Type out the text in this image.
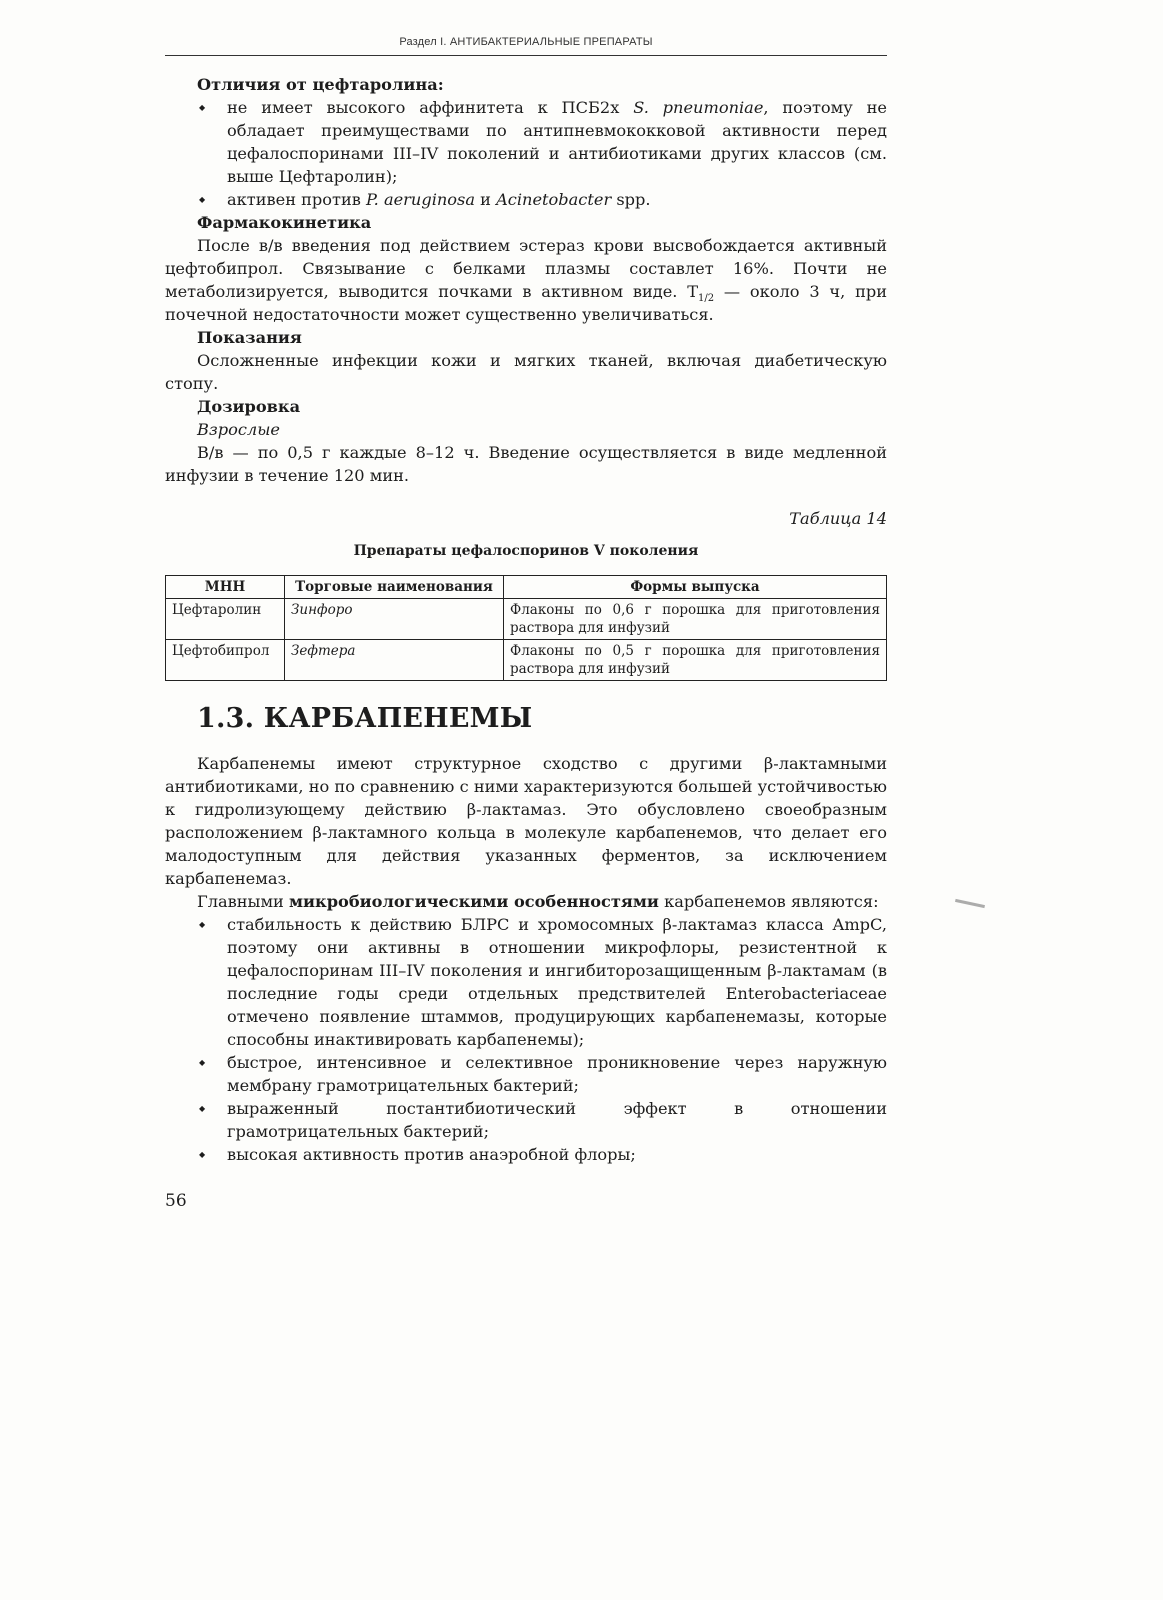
Раздел I. АНТИБАКТЕРИАЛЬНЫЕ ПРЕПАРАТЫ
Отличия от цефтаролина:
◆ не имеет высокого аффинитета к ПСБ2x S. pneumoniae, поэтому не обладает преимуществами по антипневмококковой активности перед цефалоспоринами III–IV поколений и антибиотиками других классов (см. выше Цефтаролин);
◆ активен против P. aeruginosa и Acinetobacter spp.
Фармакокинетика

После в/в введения под действием эстераз крови высвобождается активный цефтобипрол. Связывание с белками плазмы составлет 16%. Почти не метаболизируется, выводится почками в активном виде. $T_{1/2}$ — около 3 ч, при почечной недостаточности может существенно увеличиваться.

Показания

Осложненные инфекции кожи и мягких тканей, включая диабетическую стопу.

Дозировка
Взрослые

В/в — по 0,5 г каждые 8–12 ч. Введение осуществляется в виде медленной инфузии в течение 120 мин.

Таблица 14
Препараты цефалоспоринов V поколения
МНН	Торговые наименования	Формы выпуска
Цефтаролин	Зинфоро	Флаконы по 0,6 г порошка для приготовления раствора для инфузий
Цефтобипрол	Зефтера	Флаконы по 0,5 г порошка для приготовления раствора для инфузий
1.3. КАРБАПЕНЕМЫ

Карбапенемы имеют структурное сходство с другими β-лактамными антибиотиками, но по сравнению с ними характеризуются большей устойчивостью к гидролизующему действию β-лактамаз. Это обусловлено своеобразным расположением β-лактамного кольца в молекуле карбапенемов, что делает его малодоступным для действия указанных ферментов, за исключением карбапенемаз.

Главными микробиологическими особенностями карбапенемов являются:

◆ стабильность к действию БЛРС и хромосомных β-лактамаз класса AmpC, поэтому они активны в отношении микрофлоры, резистентной к цефалоспоринам III–IV поколения и ингибиторозащищенным β-лактамам (в последние годы среди отдельных предствителей Enterobacteriaceae отмечено появление штаммов, продуцирующих карбапенемазы, которые способны инактивировать карбапенемы);
◆ быстрое, интенсивное и селективное проникновение через наружную мембрану грамотрицательных бактерий;
◆ выраженный постантибиотический эффект в отношении грамотрицательных бактерий;
◆ высокая активность против анаэробной флоры;
56
